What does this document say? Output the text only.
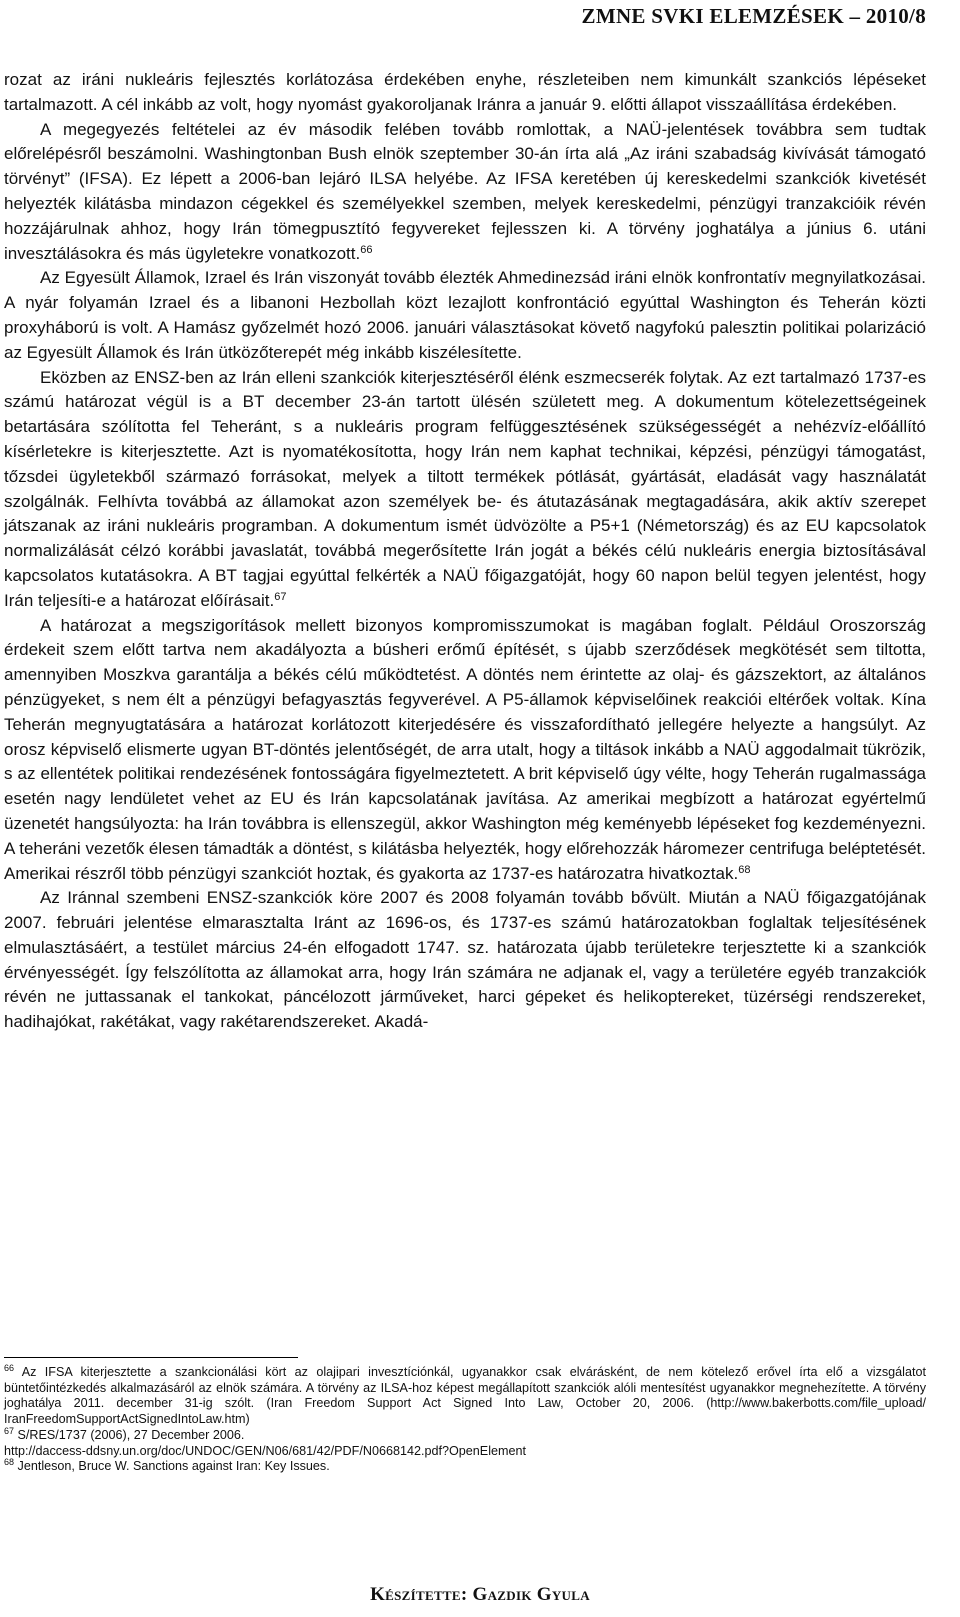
ZMNE SVKI ELEMZÉSEK – 2010/8

rozat az iráni nukleáris fejlesztés korlátozása érdekében enyhe, részleteiben nem kimunkált szankciós lépéseket tartalmazott. A cél inkább az volt, hogy nyomást gyakoroljanak Iránra a január 9. előtti állapot visszaállítása érdekében.

A megegyezés feltételei az év második felében tovább romlottak, a NAÜ-jelentések továbbra sem tudtak előrelépésről beszámolni. Washingtonban Bush elnök szeptember 30-án írta alá „Az iráni szabadság kivívását támogató törvényt” (IFSA). Ez lépett a 2006-ban lejáró ILSA helyébe. Az IFSA keretében új kereskedelmi szankciók kivetését helyezték kilátásba mindazon cégekkel és személyekkel szemben, melyek kereskedelmi, pénzügyi tranzakcióik révén hozzájárulnak ahhoz, hogy Irán tömegpusztító fegyvereket fejlesszen ki. A törvény joghatálya a június 6. utáni invesztálásokra és más ügyletekre vonatkozott.$^{66}$

Az Egyesült Államok, Izrael és Irán viszonyát tovább élezték Ahmedinezsád iráni elnök konfrontatív megnyilatkozásai. A nyár folyamán Izrael és a libanoni Hezbollah közt lezajlott konfrontáció egyúttal Washington és Teherán közti proxyháború is volt. A Hamász győzelmét hozó 2006. januári választásokat követő nagyfokú palesztin politikai polarizáció az Egyesült Államok és Irán ütközőterepét még inkább kiszélesítette.

Eközben az ENSZ-ben az Irán elleni szankciók kiterjesztéséről élénk eszmecserék folytak. Az ezt tartalmazó 1737-es számú határozat végül is a BT december 23-án tartott ülésén született meg. A dokumentum kötelezettségeinek betartására szólította fel Teheránt, s a nukleáris program felfüggesztésének szükségességét a nehézvíz-előállító kísérletekre is kiterjesztette. Azt is nyomatékosította, hogy Irán nem kaphat technikai, képzési, pénzügyi támogatást, tőzsdei ügyletekből származó forrásokat, melyek a tiltott termékek pótlását, gyártását, eladását vagy használatát szolgálnák. Felhívta továbbá az államokat azon személyek be- és átutazásának megtagadására, akik aktív szerepet játszanak az iráni nukleáris programban. A dokumentum ismét üdvözölte a P5+1 (Németország) és az EU kapcsolatok normalizálását célzó korábbi javaslatát, továbbá megerősítette Irán jogát a békés célú nukleáris energia biztosításával kapcsolatos kutatásokra. A BT tagjai egyúttal felkérték a NAÜ főigazgatóját, hogy 60 napon belül tegyen jelentést, hogy Irán teljesíti-e a határozat előírásait.$^{67}$

A határozat a megszigorítások mellett bizonyos kompromisszumokat is magában foglalt. Például Oroszország érdekeit szem előtt tartva nem akadályozta a búsheri erőmű építését, s újabb szerződések megkötését sem tiltotta, amennyiben Moszkva garantálja a békés célú működtetést. A döntés nem érintette az olaj- és gázszektort, az általános pénzügyeket, s nem élt a pénzügyi befagyasztás fegyverével. A P5-államok képviselőinek reakciói eltérőek voltak. Kína Teherán megnyugtatására a határozat korlátozott kiterjedésére és visszafordítható jellegére helyezte a hangsúlyt. Az orosz képviselő elismerte ugyan BT-döntés jelentőségét, de arra utalt, hogy a tiltások inkább a NAÜ aggodalmait tükrözik, s az ellentétek politikai rendezésének fontosságára figyelmeztetett. A brit képviselő úgy vélte, hogy Teherán rugalmassága esetén nagy lendületet vehet az EU és Irán kapcsolatának javítása. Az amerikai megbízott a határozat egyértelmű üzenetét hangsúlyozta: ha Irán továbbra is ellenszegül, akkor Washington még keményebb lépéseket fog kezdeményezni. A teheráni vezetők élesen támadták a döntést, s kilátásba helyezték, hogy előrehozzák háromezer centrifuga beléptetését. Amerikai részről több pénzügyi szankciót hoztak, és gyakorta az 1737-es határozatra hivatkoztak.$^{68}$

Az Iránnal szembeni ENSZ-szankciók köre 2007 és 2008 folyamán tovább bővült. Miután a NAÜ főigazgatójának 2007. februári jelentése elmarasztalta Iránt az 1696-os, és 1737-es számú határozatokban foglaltak teljesítésének elmulasztásáért, a testület március 24-én elfogadott 1747. sz. határozata újabb területekre terjesztette ki a szankciók érvényességét. Így felszólította az államokat arra, hogy Irán számára ne adjanak el, vagy a területére egyéb tranzakciók révén ne juttassanak el tankokat, páncélozott járműveket, harci gépeket és helikoptereket, tüzérségi rendszereket, hadihajókat, rakétákat, vagy rakétarendszereket. Akadá-

$^{66}$ Az IFSA kiterjesztette a szankcionálási kört az olajipari invesztíciónkál, ugyanakkor csak elvárásként, de nem kötelező erővel írta elő a vizsgálatot büntetőintézkedés alkalmazásáról az elnök számára. A törvény az ILSA-hoz képest megállapított szankciók alóli mentesítést ugyanakkor megnehezítette. A törvény joghatálya 2011. december 31-ig szólt. (Iran Freedom Support Act Signed Into Law, October 20, 2006. (http://www.bakerbotts.com/file_upload/ IranFreedomSupportActSignedIntoLaw.htm)

$^{67}$ S/RES/1737 (2006), 27 December 2006.

http://daccess-ddsny.un.org/doc/UNDOC/GEN/N06/681/42/PDF/N0668142.pdf?OpenElement

$^{68}$ Jentleson, Bruce W. Sanctions against Iran: Key Issues.

Készítette: Gazdik Gyula
